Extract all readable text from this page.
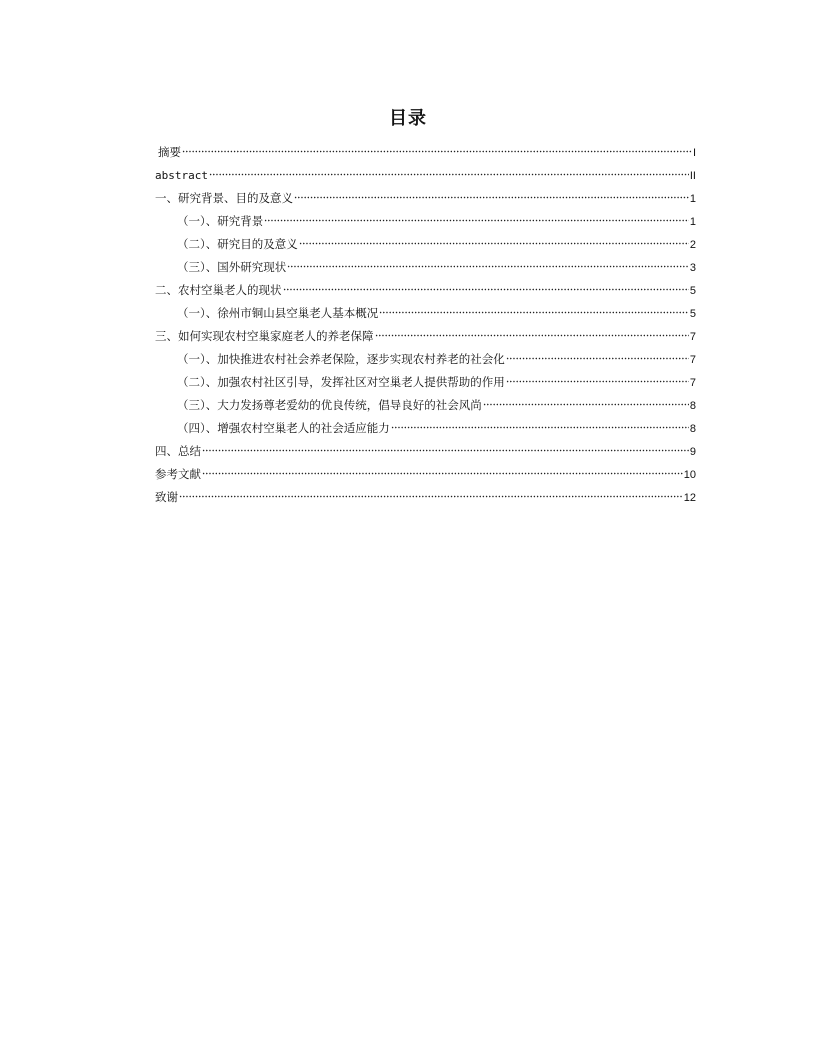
目录
摘要	I
abstract	II
一、研究背景、目的及意义	1
（一）、研究背景	1
（二）、研究目的及意义	2
（三）、国外研究现状	3
二、农村空巢老人的现状	5
（一）、徐州市铜山县空巢老人基本概况	5
三、如何实现农村空巢家庭老人的养老保障	7
（一）、加快推进农村社会养老保险，逐步实现农村养老的社会化	7
（二）、加强农村社区引导，发挥社区对空巢老人提供帮助的作用	7
（三）、大力发扬尊老爱幼的优良传统，倡导良好的社会风尚	8
（四）、增强农村空巢老人的社会适应能力	8
四、总结	9
参考文献	10
致谢	12
